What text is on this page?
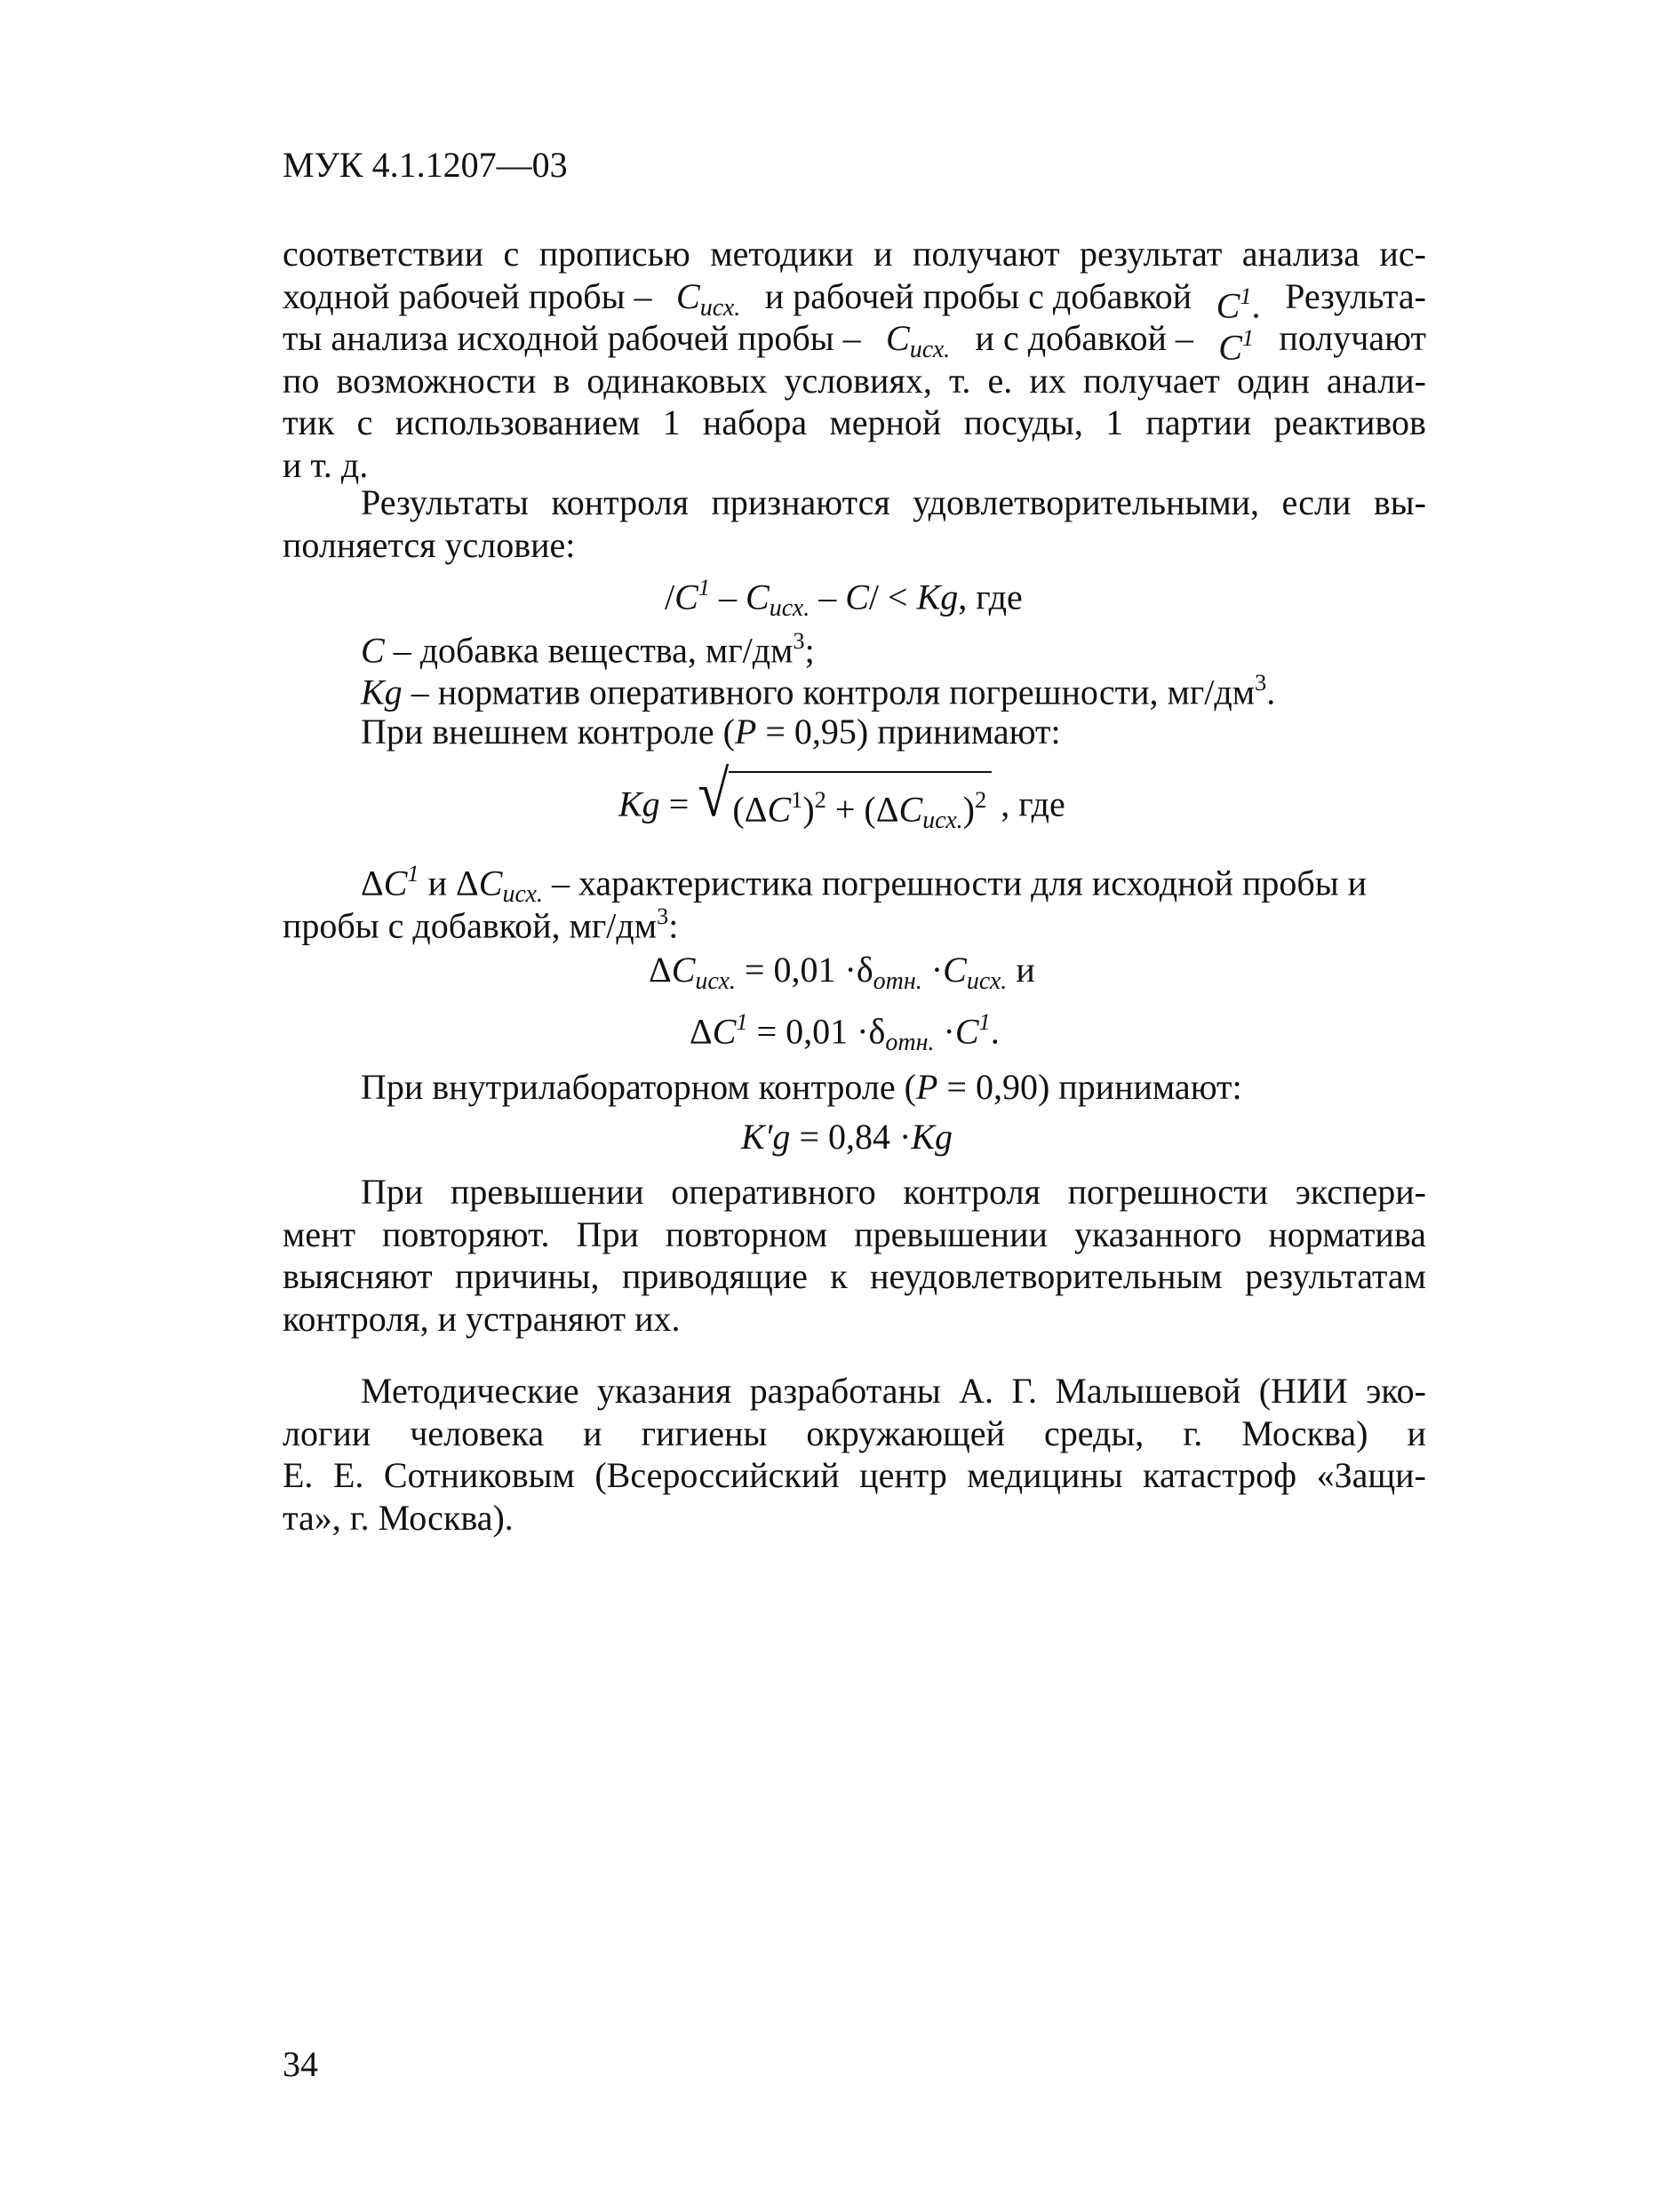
МУК 4.1.1207—03
соответствии с прописью методики и получают результат анализа ис-
ходной рабочей пробы – $C_{исх.}$ и рабочей пробы с добавкой $C^1$. Результа-
ты анализа исходной рабочей пробы – $C_{исх.}$ и с добавкой – $C^1$ получают
по возможности в одинаковых условиях, т. е. их получает один анали-
тик с использованием 1 набора мерной посуды, 1 партии реактивов
и т. д.
Результаты контроля признаются удовлетворительными, если вы-
полняется условие:
$/C^1 - C_{исх.} - C/ < Kg$, где
C – добавка вещества, $мг/дм^3$;
Kg – норматив оперативного контроля погрешности, $мг/дм^3$.
При внешнем контроле (P = 0,95) принимают:
Kg = √ $(\Delta C^1)^2 + (\Delta C_{исх.})^2$ , где
$\Delta C^1$ и $\Delta C_{исх.}$ – характеристика погрешности для исходной пробы и
пробы с добавкой, $мг/дм^3$:
$\Delta C_{исх.} = 0,01 \cdot\delta_{отн.} \cdot C_{исх.}$ и
$\Delta C^1 = 0,01 \cdot\delta_{отн.} \cdot C^1$.
При внутрилабораторном контроле (P = 0,90) принимают:
K′g = 0,84 ·Kg
При превышении оперативного контроля погрешности экспери-
мент повторяют. При повторном превышении указанного норматива
выясняют причины, приводящие к неудовлетворительным результатам
контроля, и устраняют их.
Методические указания разработаны А. Г. Малышевой (НИИ эко-
логии человека и гигиены окружающей среды, г. Москва) и
Е. Е. Сотниковым (Всероссийский центр медицины катастроф «Защи-
та», г. Москва).
34
